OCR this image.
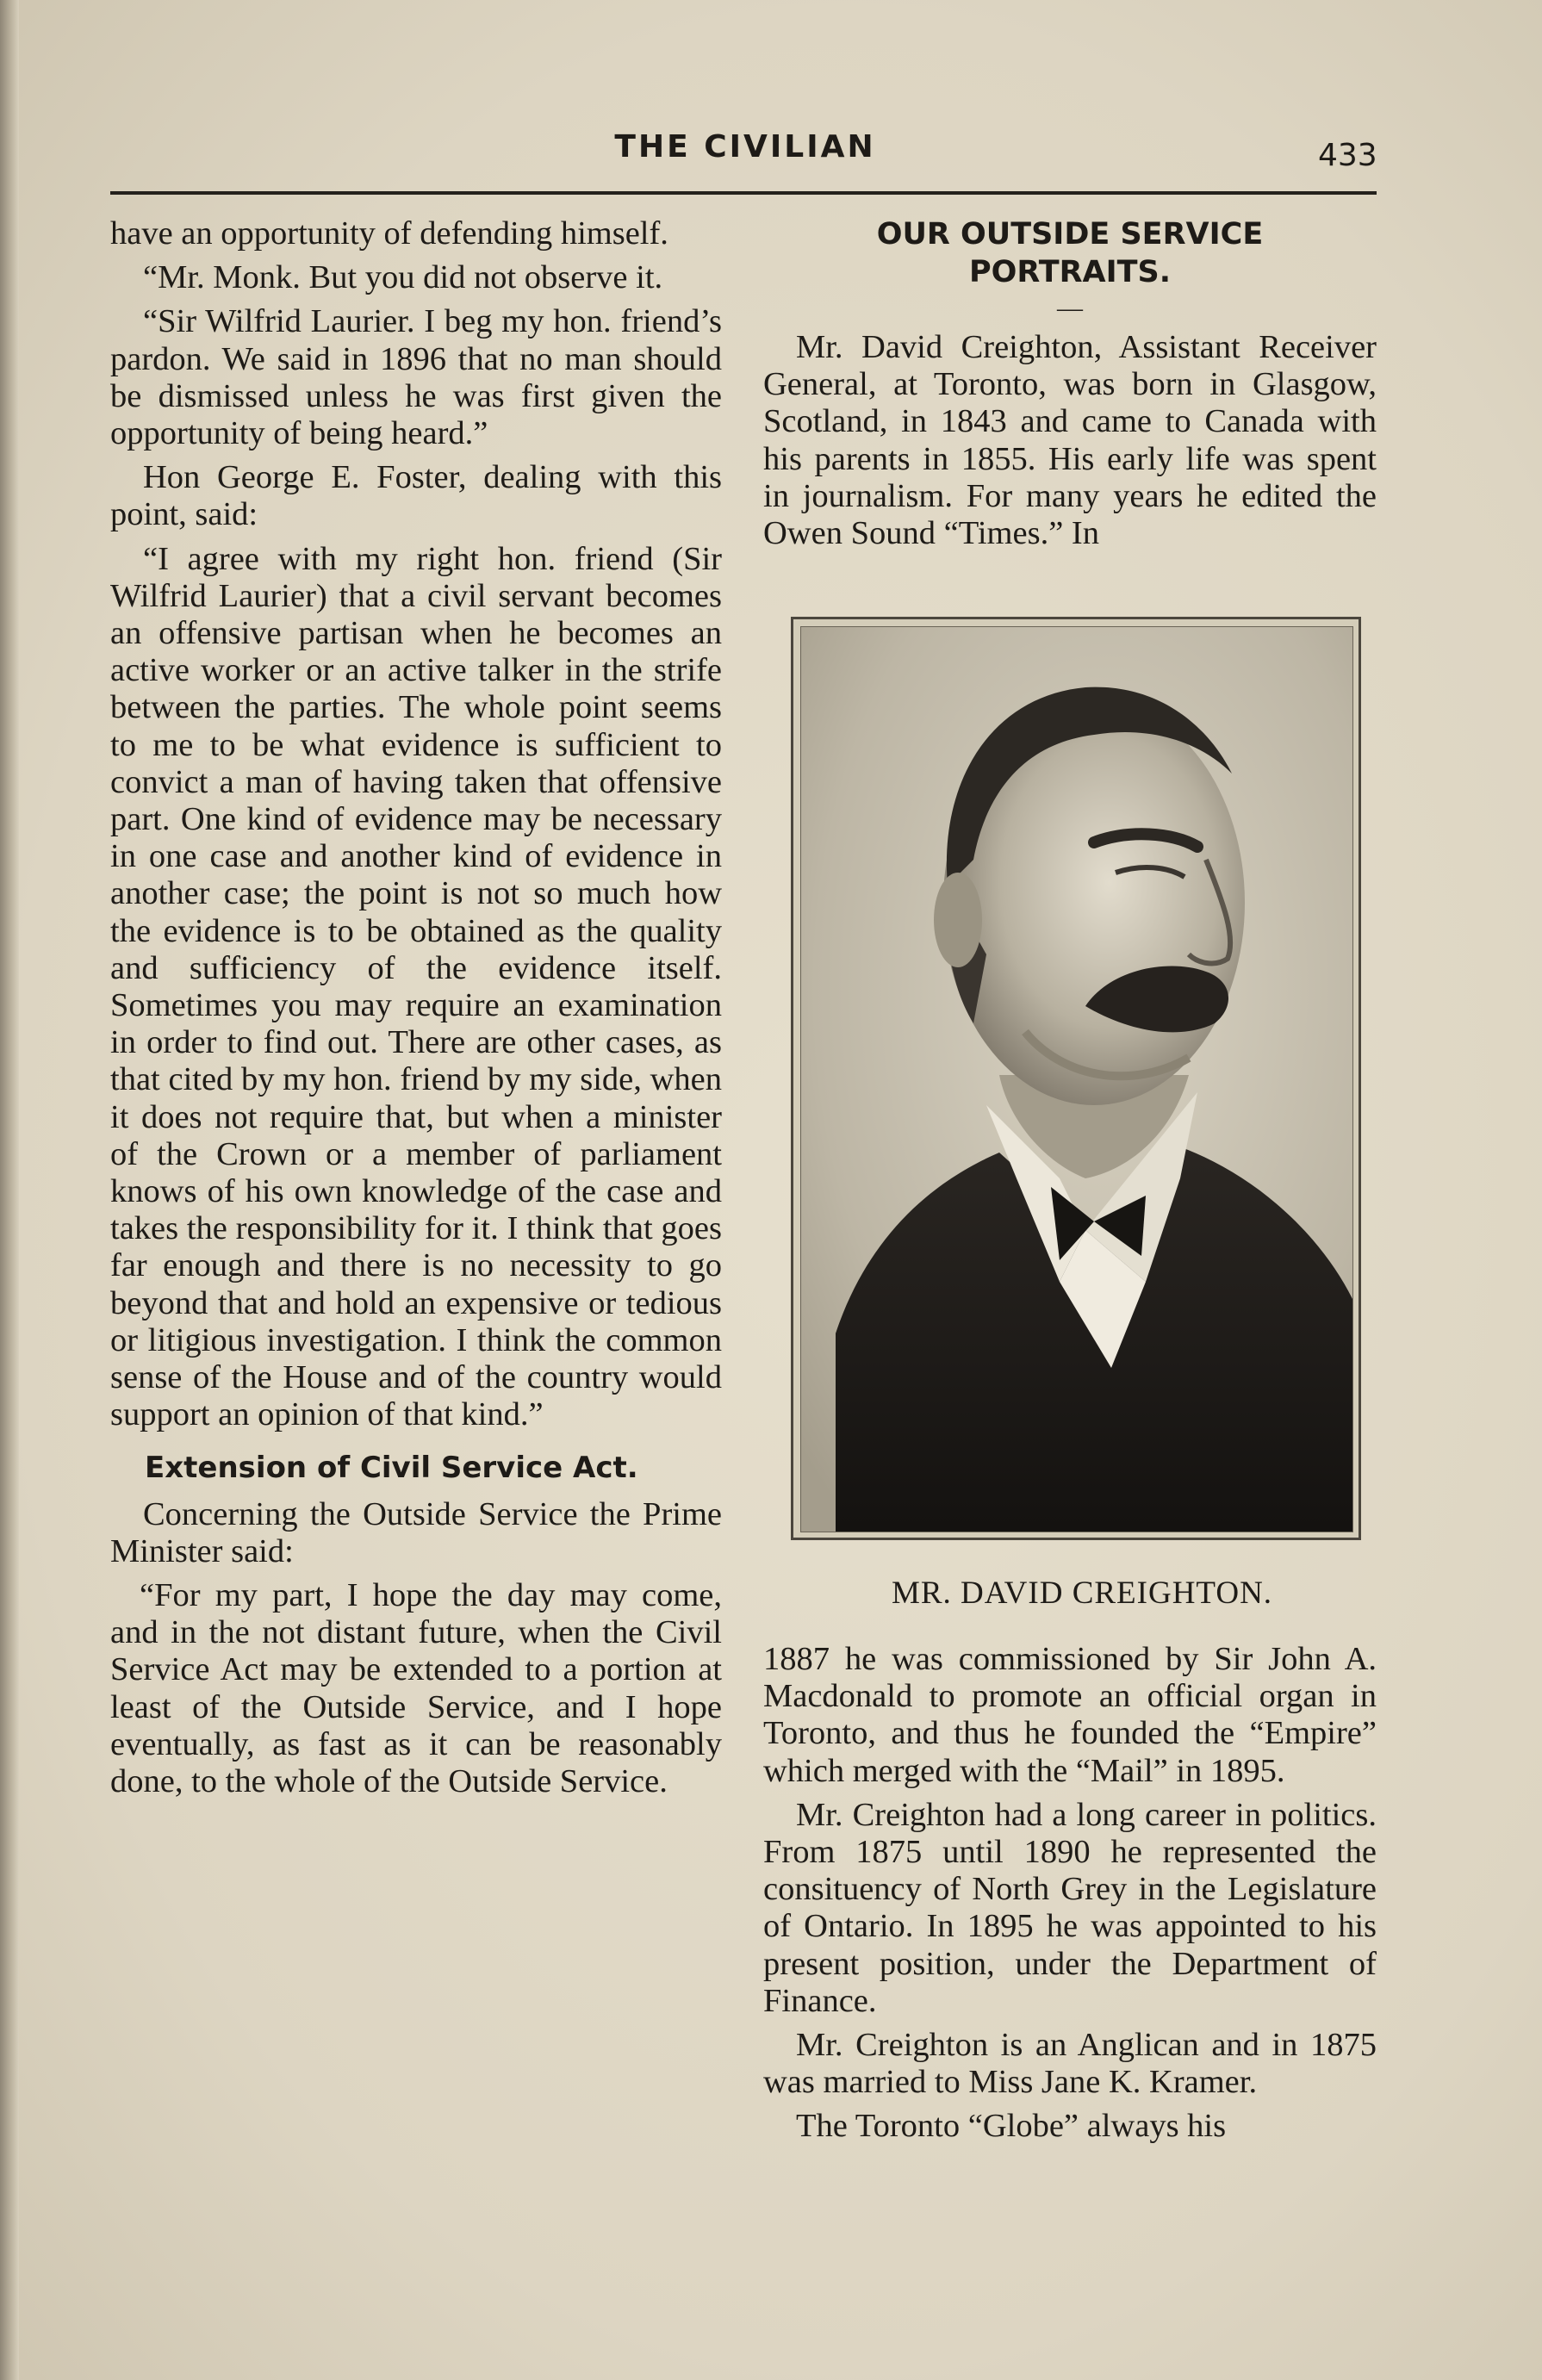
THE CIVILIAN	433

have an opportunity of defending himself.

“Mr. Monk. But you did not observe it.

“Sir Wilfrid Laurier. I beg my hon. friend’s pardon. We said in 1896 that no man should be dismissed unless he was first given the opportunity of being heard.”

Hon George E. Foster, dealing with this point, said:

“I agree with my right hon. friend (Sir Wilfrid Laurier) that a civil servant becomes an offensive partisan when he becomes an active worker or an active talker in the strife between the parties. The whole point seems to me to be what evidence is sufficient to convict a man of having taken that offensive part. One kind of evidence may be necessary in one case and another kind of evidence in another case; the point is not so much how the evidence is to be obtained as the quality and sufficiency of the evidence itself. Sometimes you may require an examination in order to find out. There are other cases, as that cited by my hon. friend by my side, when it does not require that, but when a minister of the Crown or a member of parliament knows of his own knowledge of the case and takes the responsibility for it. I think that goes far enough and there is no necessity to go beyond that and hold an expensive or tedious or litigious investigation. I think the common sense of the House and of the country would support an opinion of that kind.”

Extension of Civil Service Act.

Concerning the Outside Service the Prime Minister said:

“For my part, I hope the day may come, and in the not distant future, when the Civil Service Act may be extended to a portion at least of the Outside Service, and I hope eventually, as fast as it can be reasonably done, to the whole of the Outside Service.

OUR OUTSIDE SERVICE
PORTRAITS.
—

Mr. David Creighton, Assistant Receiver General, at Toronto, was born in Glasgow, Scotland, in 1843 and came to Canada with his parents in 1855. His early life was spent in journalism. For many years he edited the Owen Sound “Times.” In

MR. DAVID CREIGHTON.

1887 he was commissioned by Sir John A. Macdonald to promote an official organ in Toronto, and thus he founded the “Empire” which merged with the “Mail” in 1895.

Mr. Creighton had a long career in politics. From 1875 until 1890 he represented the consituency of North Grey in the Legislature of Ontario. In 1895 he was appointed to his present position, under the Department of Finance.

Mr. Creighton is an Anglican and in 1875 was married to Miss Jane K. Kramer.

The Toronto “Globe” always his
